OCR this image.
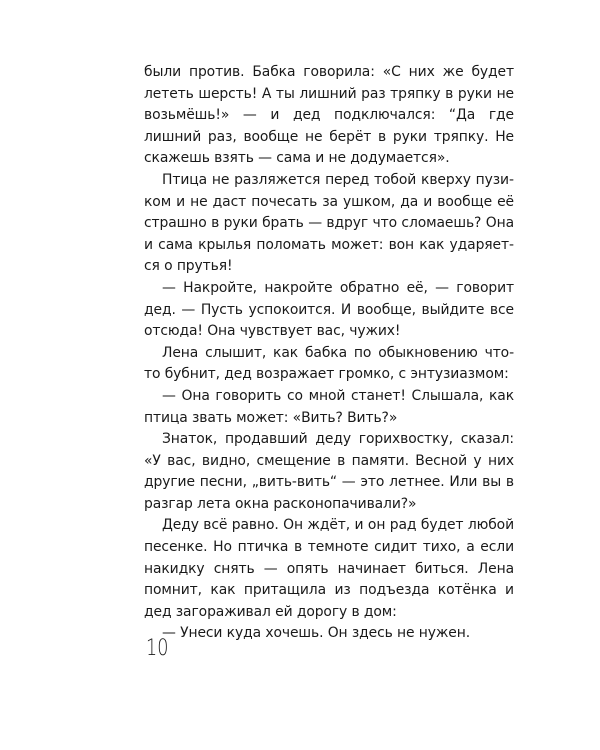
были против. Бабка говорила: «С них же будет лететь шерсть! А ты лишний раз тряпку в руки не возьмёшь!» — и дед подключался: “Да где лишний раз, вообще не берёт в руки тряпку. Не скажешь взять — сама и не додумается».

Птица не разляжется перед тобой кверху пузиком и не даст почесать за ушком, да и вообще её страшно в руки брать — вдруг что сломаешь? Она и сама крылья поломать может: вон как ударяется о прутья!

— Накройте, накройте обратно её, — говорит дед. — Пусть успокоится. И вообще, выйдите все отсюда! Она чувствует вас, чужих!

Лена слышит, как бабка по обыкновению что-то бубнит, дед возражает громко, с энтузиазмом:

— Она говорить со мной станет! Слышала, как птица звать может: «Вить? Вить?»

Знаток, продавший деду горихвостку, сказал: «У вас, видно, смещение в памяти. Весной у них другие песни, „вить-вить“ — это летнее. Или вы в разгар лета окна расконопачивали?»

Деду всё равно. Он ждёт, и он рад будет любой песенке. Но птичка в темноте сидит тихо, а если накидку снять — опять начинает биться. Лена помнит, как притащила из подъезда котёнка и дед загораживал ей дорогу в дом:

— Унеси куда хочешь. Он здесь не нужен.

10
